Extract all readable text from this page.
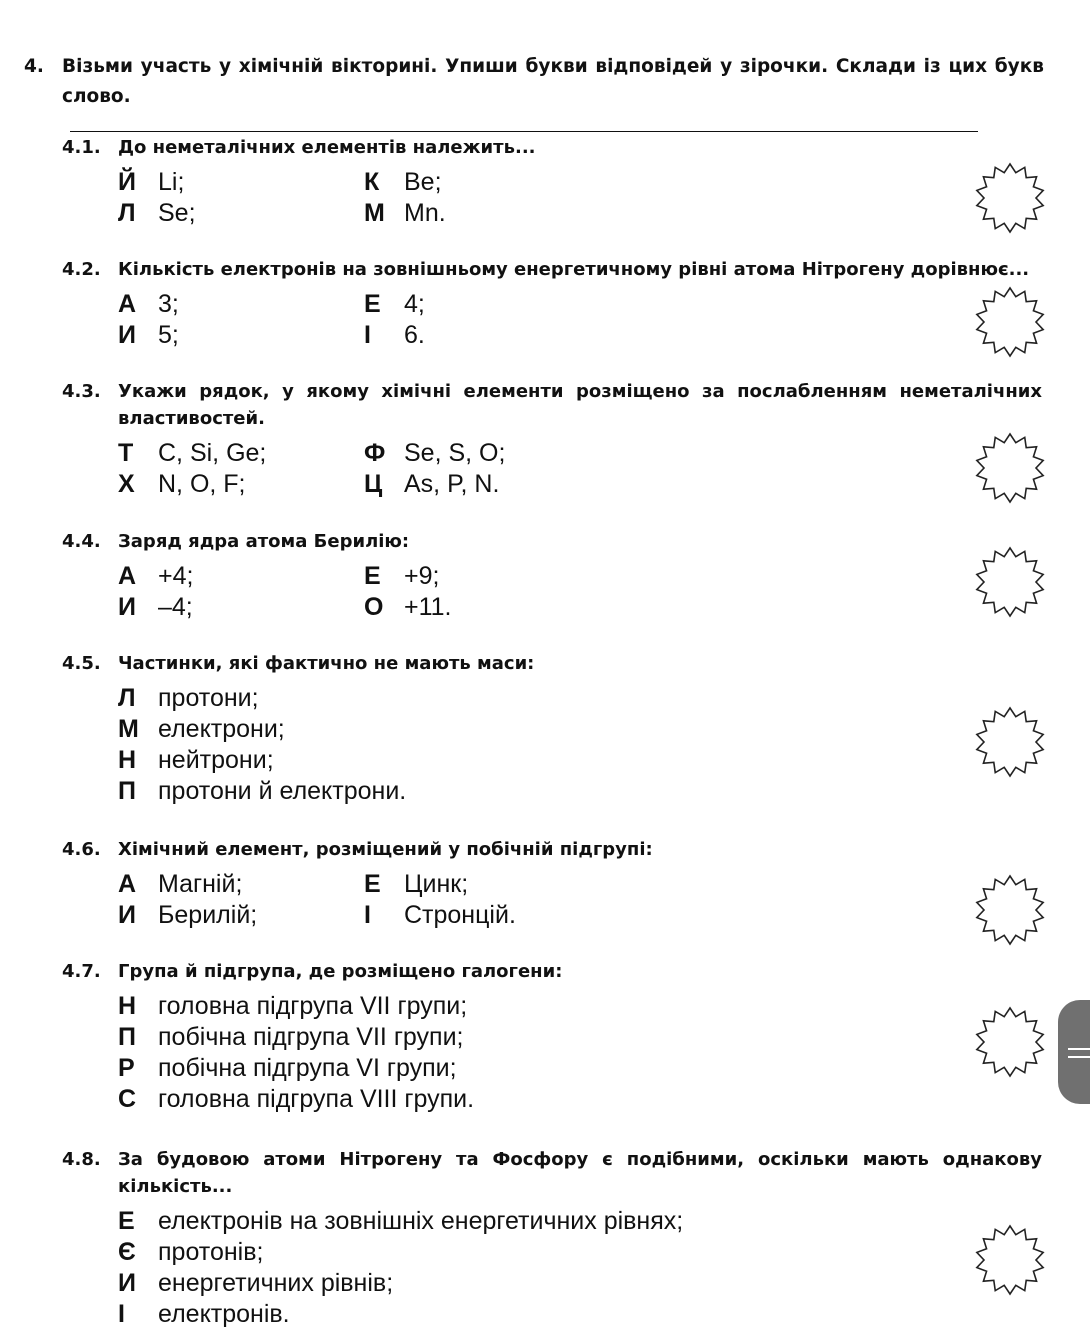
4. Візьми участь у хімічній вікторині. Упиши букви відповідей у зірочки. Склади із цих букв слово.
4.1. До неметалічних елементів належить...
Й Li;	К Be;
Л Se;	М Mn.
4.2. Кількість електронів на зовнішньому енергетичному рівні атома Нітрогену дорівнює...
А 3;	Е 4;
И 5;	І 6.
4.3. Укажи рядок, у якому хімічні елементи розміщено за послабленням неметалічних властивостей.
Т C, Si, Ge;	Ф Se, S, O;
Х N, O, F;	Ц As, P, N.
4.4. Заряд ядра атома Берилію:
А +4;	Е +9;
И –4;	О +11.
4.5. Частинки, які фактично не мають маси:
Л протони;
М електрони;
Н нейтрони;
П протони й електрони.
4.6. Хімічний елемент, розміщений у побічній підгрупі:
А Магній;	Е Цинк;
И Берилій;	І Стронцій.
4.7. Група й підгрупа, де розміщено галогени:
Н головна підгрупа VII групи;
П побічна підгрупа VII групи;
Р побічна підгрупа VI групи;
С головна підгрупа VIII групи.
4.8. За будовою атоми Нітрогену та Фосфору є подібними, оскільки мають однакову кількість...
Е електронів на зовнішніх енергетичних рівнях;
Є протонів;
И енергетичних рівнів;
І електронів.
